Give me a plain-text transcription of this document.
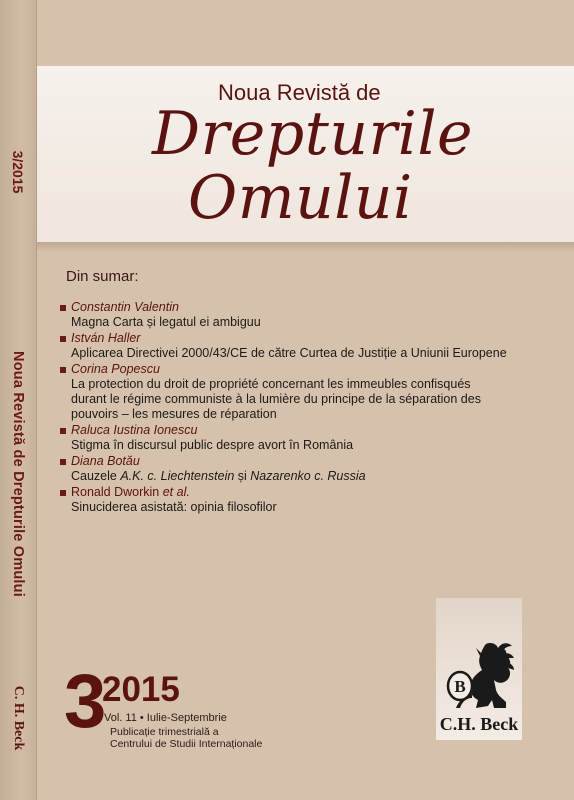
3/2015
Noua Revistă de Drepturile Omului
C. H. Beck
Noua Revistă de
Drepturile
Omului
Din sumar:
Constantin Valentin
Magna Carta și legatul ei ambiguu
István Haller
Aplicarea Directivei 2000/43/CE de către Curtea de Justiție a Uniunii Europene
Corina Popescu
La protection du droit de propriété concernant les immeubles confisqués
durant le régime communiste à la lumière du principe de la séparation des
pouvoirs – les mesures de réparation
Raluca Iustina Ionescu
Stigma în discursul public despre avort în România
Diana Botău
Cauzele A.K. c. Liechtenstein și Nazarenko c. Russia
Ronald Dworkin
et al.
Sinuciderea asistată: opinia filosofilor
3
2015
Vol. 11 • Iulie-Septembrie
Publicație trimestrială a
Centrului de Studii Internaționale
B
C.H. Beck
